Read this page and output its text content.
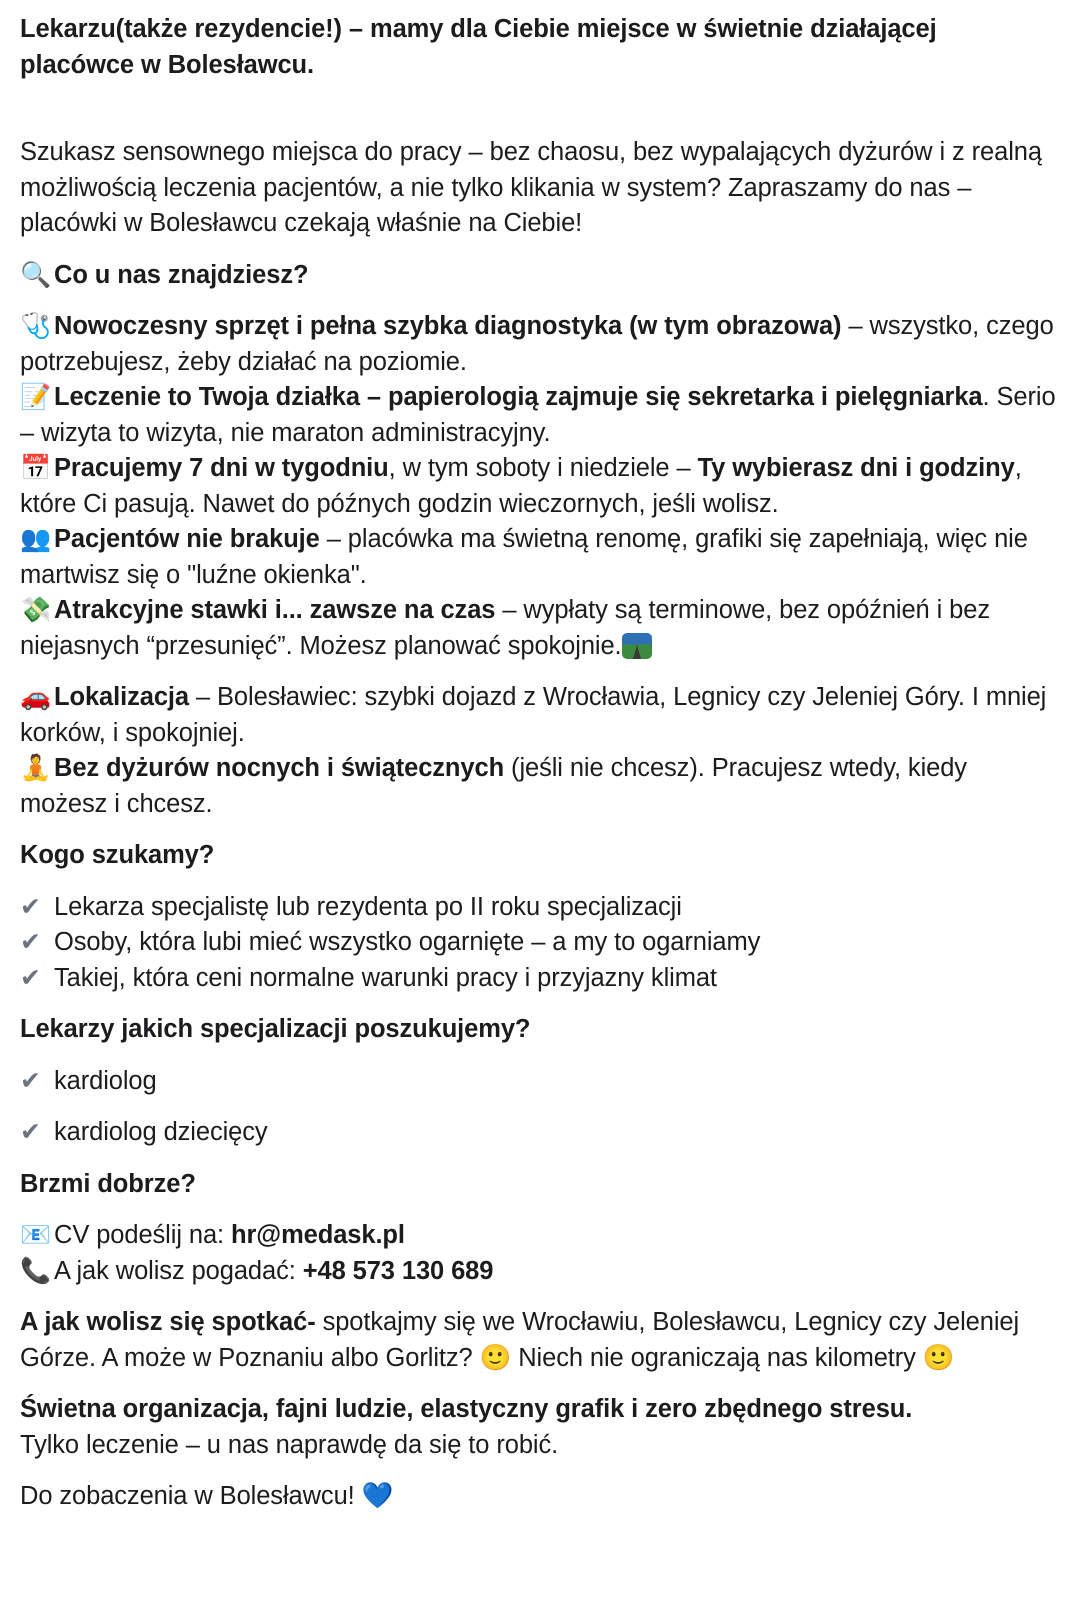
Lekarzu(także rezydencie!) – mamy dla Ciebie miejsce w świetnie działającej placówce w Bolesławcu.

Szukasz sensownego miejsca do pracy – bez chaosu, bez wypalających dyżurów i z realną możliwością leczenia pacjentów, a nie tylko klikania w system? Zapraszamy do nas – placówki w Bolesławcu czekają właśnie na Ciebie!

🔍 Co u nas znajdziesz?

🩺 Nowoczesny sprzęt i pełna szybka diagnostyka (w tym obrazowa) – wszystko, czego potrzebujesz, żeby działać na poziomie.

📝 Leczenie to Twoja działka – papierologią zajmuje się sekretarka i pielęgniarka. Serio – wizyta to wizyta, nie maraton administracyjny.

📅 Pracujemy 7 dni w tygodniu, w tym soboty i niedziele – Ty wybierasz dni i godziny, które Ci pasują. Nawet do późnych godzin wieczornych, jeśli wolisz.

👥 Pacjentów nie brakuje – placówka ma świetną renomę, grafiki się zapełniają, więc nie martwisz się o "luźne okienka".

💸 Atrakcyjne stawki i... zawsze na czas – wypłaty są terminowe, bez opóźnień i bez niejasnych “przesunięć”. Możesz planować spokojnie.

🚗 Lokalizacja – Bolesławiec: szybki dojazd z Wrocławia, Legnicy czy Jeleniej Góry. I mniej korków, i spokojniej.

🧘 Bez dyżurów nocnych i świątecznych (jeśli nie chcesz). Pracujesz wtedy, kiedy możesz i chcesz.

Kogo szukamy?

✔ Lekarza specjalistę lub rezydenta po II roku specjalizacji

✔ Osoby, która lubi mieć wszystko ogarnięte – a my to ogarniamy

✔ Takiej, która ceni normalne warunki pracy i przyjazny klimat

Lekarzy jakich specjalizacji poszukujemy?

✔ kardiolog

✔ kardiolog dziecięcy

Brzmi dobrze?

📧 CV podeślij na: hr@medask.pl

📞 A jak wolisz pogadać: +48 573 130 689

A jak wolisz się spotkać- spotkajmy się we Wrocławiu, Bolesławcu, Legnicy czy Jeleniej Górze. A może w Poznaniu albo Gorlitz? 🙂 Niech nie ograniczają nas kilometry 🙂

Świetna organizacja, fajni ludzie, elastyczny grafik i zero zbędnego stresu.

Tylko leczenie – u nas naprawdę da się to robić.

Do zobaczenia w Bolesławcu! 💙
